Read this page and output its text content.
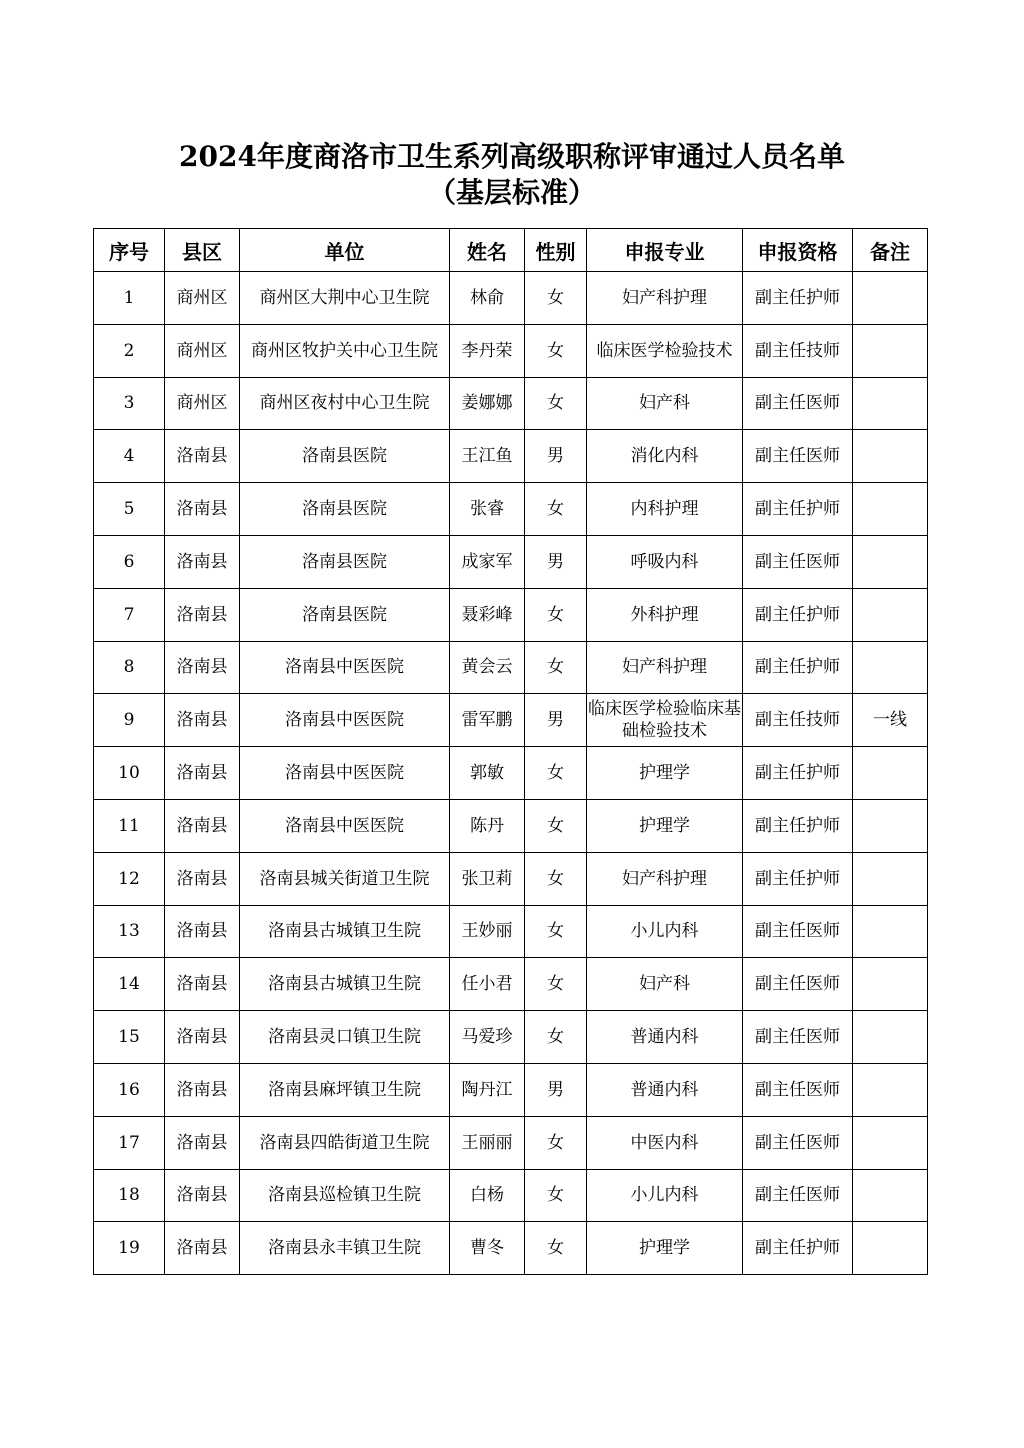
2024年度商洛市卫生系列高级职称评审通过人员名单
（基层标准）
序号	县区	单位	姓名	性别	申报专业	申报资格	备注
1	商州区	商州区大荆中心卫生院	林俞	女	妇产科护理	副主任护师	
2	商州区	商州区牧护关中心卫生院	李丹荣	女	临床医学检验技术	副主任技师	
3	商州区	商州区夜村中心卫生院	姜娜娜	女	妇产科	副主任医师	
4	洛南县	洛南县医院	王江鱼	男	消化内科	副主任医师	
5	洛南县	洛南县医院	张睿	女	内科护理	副主任护师	
6	洛南县	洛南县医院	成家军	男	呼吸内科	副主任医师	
7	洛南县	洛南县医院	聂彩峰	女	外科护理	副主任护师	
8	洛南县	洛南县中医医院	黄会云	女	妇产科护理	副主任护师	
9	洛南县	洛南县中医医院	雷军鹏	男	临床医学检验临床基础检验技术	副主任技师	一线
10	洛南县	洛南县中医医院	郭敏	女	护理学	副主任护师	
11	洛南县	洛南县中医医院	陈丹	女	护理学	副主任护师	
12	洛南县	洛南县城关街道卫生院	张卫莉	女	妇产科护理	副主任护师	
13	洛南县	洛南县古城镇卫生院	王妙丽	女	小儿内科	副主任医师	
14	洛南县	洛南县古城镇卫生院	任小君	女	妇产科	副主任医师	
15	洛南县	洛南县灵口镇卫生院	马爱珍	女	普通内科	副主任医师	
16	洛南县	洛南县麻坪镇卫生院	陶丹江	男	普通内科	副主任医师	
17	洛南县	洛南县四皓街道卫生院	王丽丽	女	中医内科	副主任医师	
18	洛南县	洛南县巡检镇卫生院	白杨	女	小儿内科	副主任医师	
19	洛南县	洛南县永丰镇卫生院	曹冬	女	护理学	副主任护师	
